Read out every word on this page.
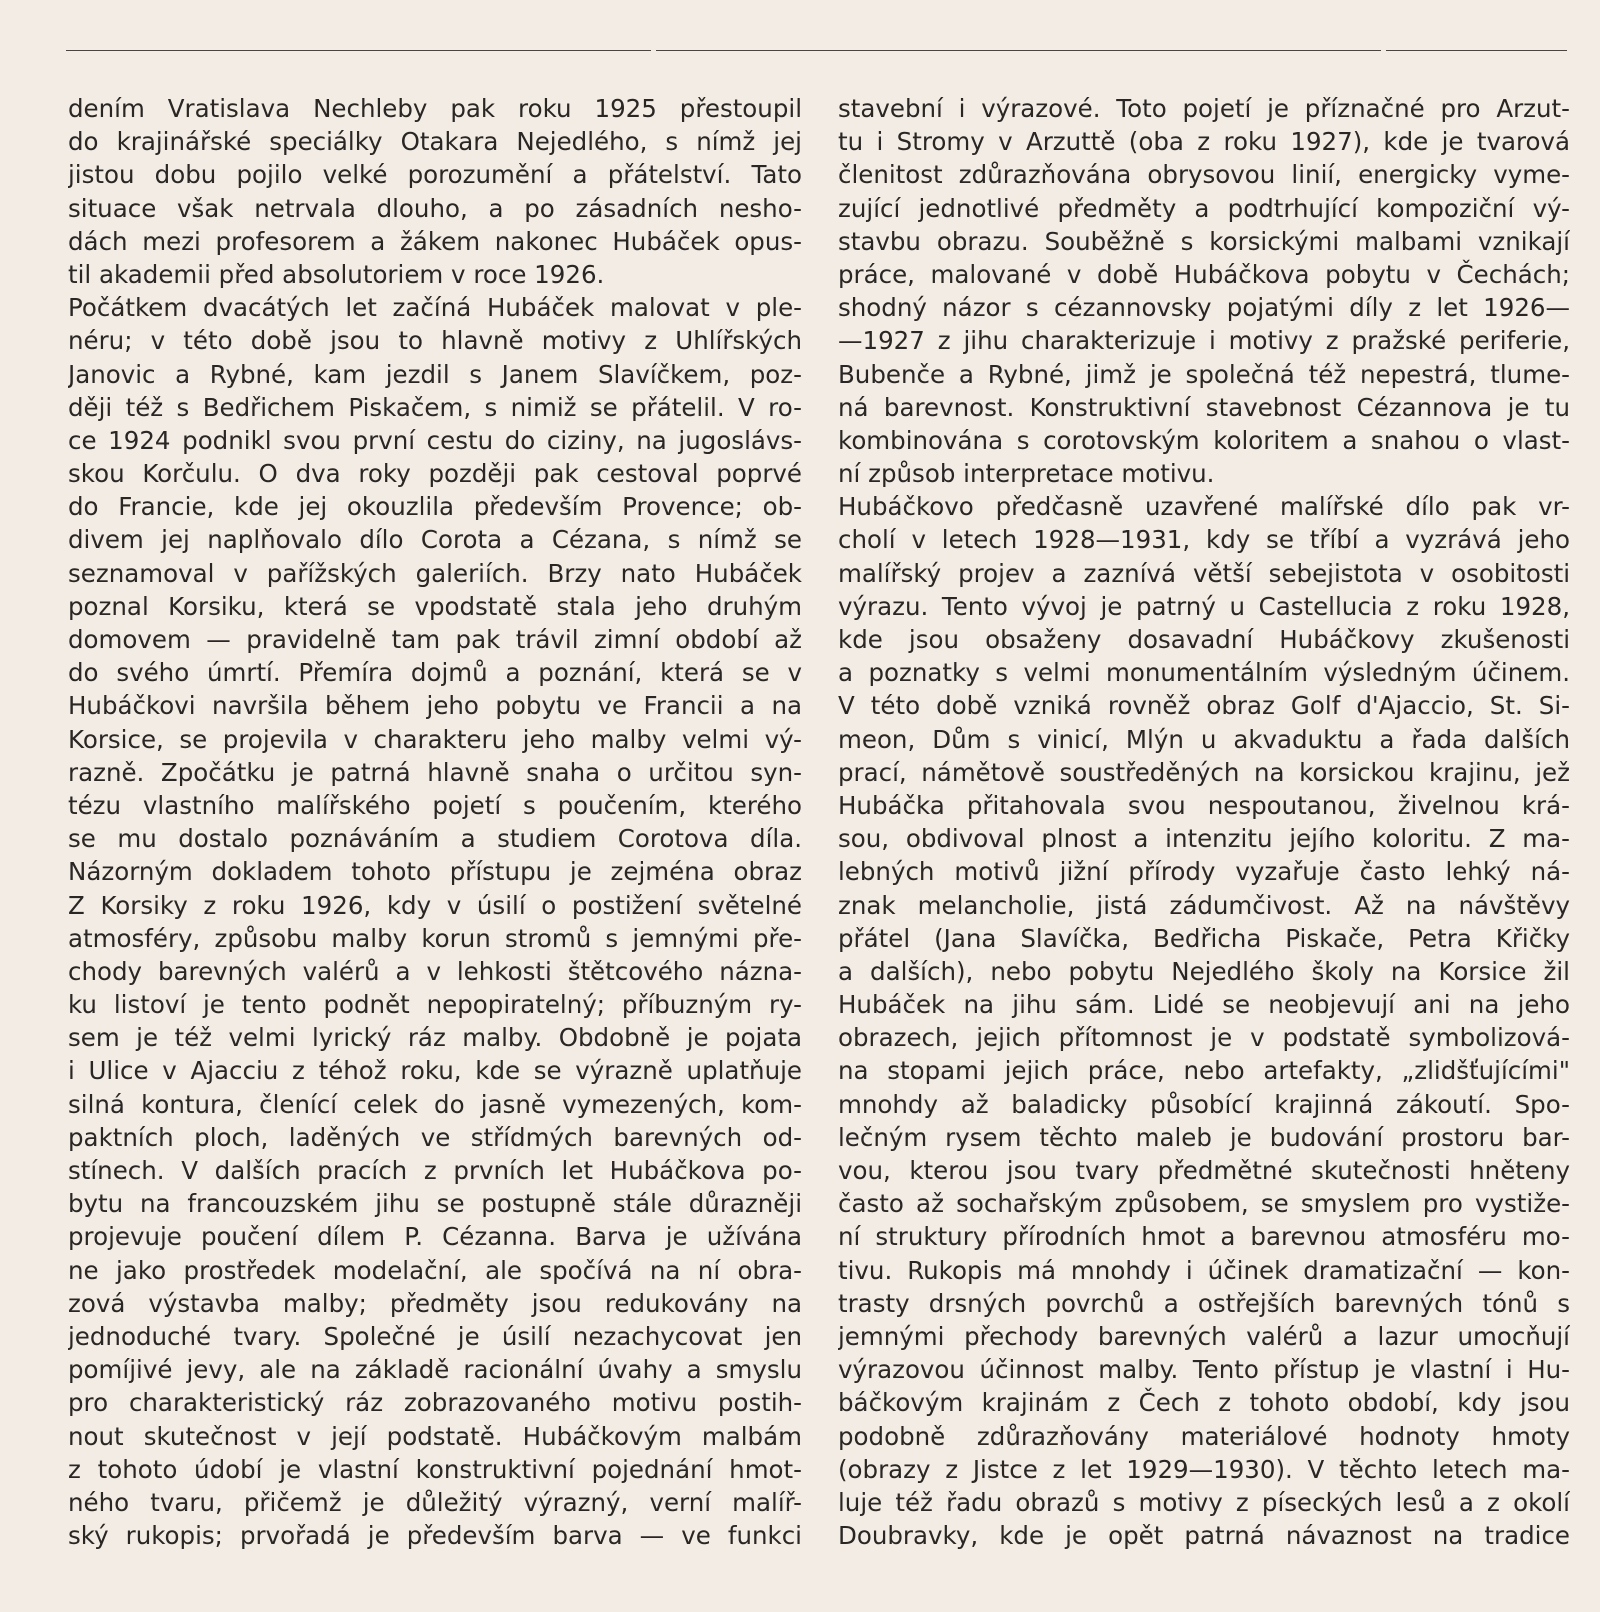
dením Vratislava Nechleby pak roku 1925 přestoupil
do krajinářské speciálky Otakara Nejedlého, s nímž jej
jistou dobu pojilo velké porozumění a přátelství. Tato
situace však netrvala dlouho, a po zásadních nesho-
dách mezi profesorem a žákem nakonec Hubáček opus-
til akademii před absolutoriem v roce 1926.
Počátkem dvacátých let začíná Hubáček malovat v ple-
néru; v této době jsou to hlavně motivy z Uhlířských
Janovic a Rybné, kam jezdil s Janem Slavíčkem, poz-
ději též s Bedřichem Piskačem, s nimiž se přátelil. V ro-
ce 1924 podnikl svou první cestu do ciziny, na jugoslávs-
skou Korčulu. O dva roky později pak cestoval poprvé
do Francie, kde jej okouzlila především Provence; ob-
divem jej naplňovalo dílo Corota a Cézana, s nímž se
seznamoval v pařížských galeriích. Brzy nato Hubáček
poznal Korsiku, která se vpodstatě stala jeho druhým
domovem — pravidelně tam pak trávil zimní období až
do svého úmrtí. Přemíra dojmů a poznání, která se v
Hubáčkovi navršila během jeho pobytu ve Francii a na
Korsice, se projevila v charakteru jeho malby velmi vý-
razně. Zpočátku je patrná hlavně snaha o určitou syn-
tézu vlastního malířského pojetí s poučením, kterého
se mu dostalo poznáváním a studiem Corotova díla.
Názorným dokladem tohoto přístupu je zejména obraz
Z Korsiky z roku 1926, kdy v úsilí o postižení světelné
atmosféry, způsobu malby korun stromů s jemnými pře-
chody barevných valérů a v lehkosti štětcového názna-
ku listoví je tento podnět nepopiratelný; příbuzným ry-
sem je též velmi lyrický ráz malby. Obdobně je pojata
i Ulice v Ajacciu z téhož roku, kde se výrazně uplatňuje
silná kontura, členící celek do jasně vymezených, kom-
paktních ploch, laděných ve střídmých barevných od-
stínech. V dalších pracích z prvních let Hubáčkova po-
bytu na francouzském jihu se postupně stále důrazněji
projevuje poučení dílem P. Cézanna. Barva je užívána
ne jako prostředek modelační, ale spočívá na ní obra-
zová výstavba malby; předměty jsou redukovány na
jednoduché tvary. Společné je úsilí nezachycovat jen
pomíjivé jevy, ale na základě racionální úvahy a smyslu
pro charakteristický ráz zobrazovaného motivu postih-
nout skutečnost v její podstatě. Hubáčkovým malbám
z tohoto údobí je vlastní konstruktivní pojednání hmot-
ného tvaru, přičemž je důležitý výrazný, verní malíř-
ský rukopis; prvořadá je především barva — ve funkci
stavební i výrazové. Toto pojetí je příznačné pro Arzut-
tu i Stromy v Arzuttě (oba z roku 1927), kde je tvarová
členitost zdůrazňována obrysovou linií, energicky vyme-
zující jednotlivé předměty a podtrhující kompoziční vý-
stavbu obrazu. Souběžně s korsickými malbami vznikají
práce, malované v době Hubáčkova pobytu v Čechách;
shodný názor s cézannovsky pojatými díly z let 1926—
—1927 z jihu charakterizuje i motivy z pražské periferie,
Bubenče a Rybné, jimž je společná též nepestrá, tlume-
ná barevnost. Konstruktivní stavebnost Cézannova je tu
kombinována s corotovským koloritem a snahou o vlast-
ní způsob interpretace motivu.
Hubáčkovo předčasně uzavřené malířské dílo pak vr-
cholí v letech 1928—1931, kdy se tříbí a vyzrává jeho
malířský projev a zaznívá větší sebejistota v osobitosti
výrazu. Tento vývoj je patrný u Castellucia z roku 1928,
kde jsou obsaženy dosavadní Hubáčkovy zkušenosti
a poznatky s velmi monumentálním výsledným účinem.
V této době vzniká rovněž obraz Golf d'Ajaccio, St. Si-
meon, Dům s vinicí, Mlýn u akvaduktu a řada dalších
prací, námětově soustředěných na korsickou krajinu, jež
Hubáčka přitahovala svou nespoutanou, živelnou krá-
sou, obdivoval plnost a intenzitu jejího koloritu. Z ma-
lebných motivů jižní přírody vyzařuje často lehký ná-
znak melancholie, jistá zádumčivost. Až na návštěvy
přátel (Jana Slavíčka, Bedřicha Piskače, Petra Křičky
a dalších), nebo pobytu Nejedlého školy na Korsice žil
Hubáček na jihu sám. Lidé se neobjevují ani na jeho
obrazech, jejich přítomnost je v podstatě symbolizová-
na stopami jejich práce, nebo artefakty, „zlidšťujícími"
mnohdy až baladicky působící krajinná zákoutí. Spo-
lečným rysem těchto maleb je budování prostoru bar-
vou, kterou jsou tvary předmětné skutečnosti hněteny
často až sochařským způsobem, se smyslem pro vystiže-
ní struktury přírodních hmot a barevnou atmosféru mo-
tivu. Rukopis má mnohdy i účinek dramatizační — kon-
trasty drsných povrchů a ostřejších barevných tónů s
jemnými přechody barevných valérů a lazur umocňují
výrazovou účinnost malby. Tento přístup je vlastní i Hu-
báčkovým krajinám z Čech z tohoto období, kdy jsou
podobně zdůrazňovány materiálové hodnoty hmoty
(obrazy z Jistce z let 1929—1930). V těchto letech ma-
luje též řadu obrazů s motivy z píseckých lesů a z okolí
Doubravky, kde je opět patrná návaznost na tradice
